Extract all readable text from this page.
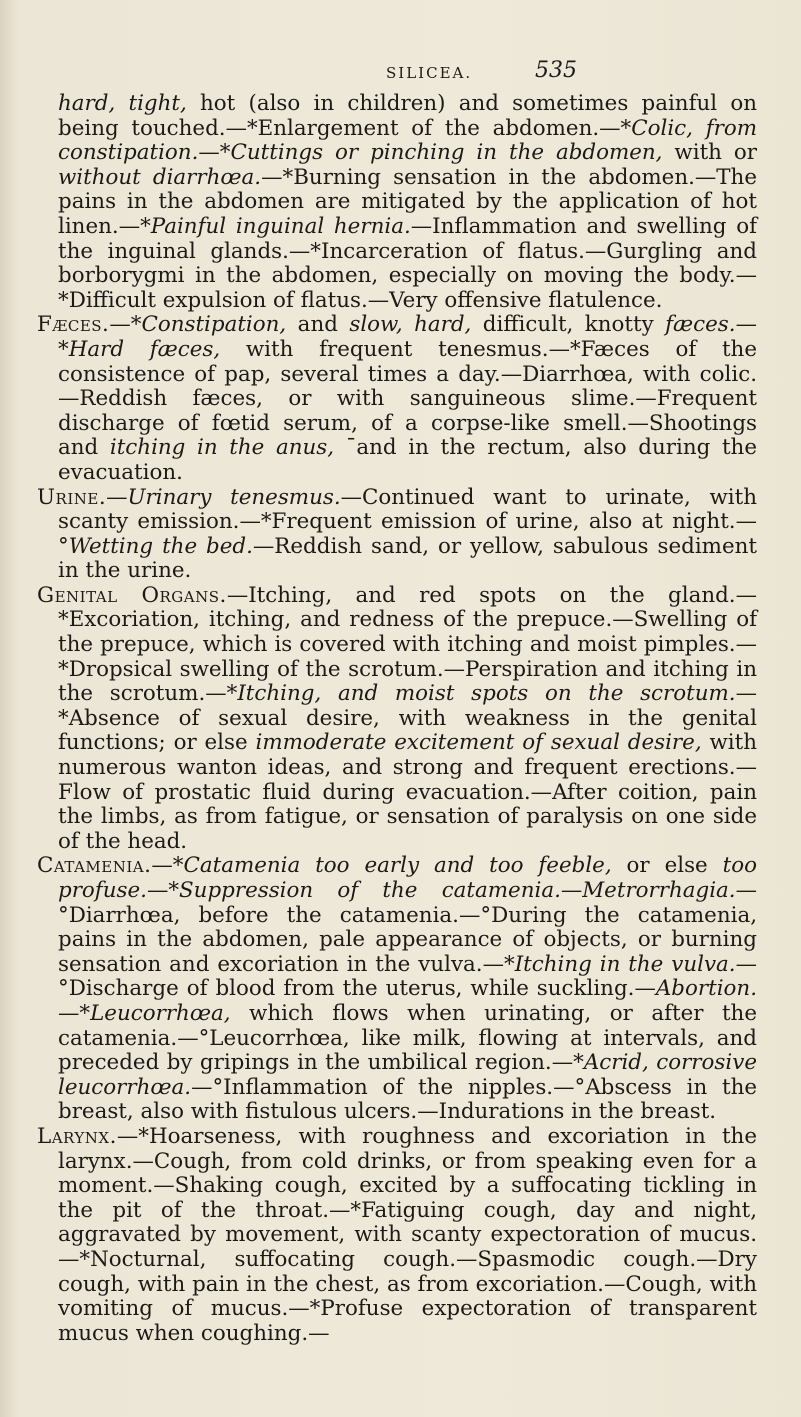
SILICEA.	535

hard, tight, hot (also in children) and sometimes painful on being touched.—*Enlargement of the abdomen.—*Colic, from constipation.—*Cuttings or pinching in the abdomen, with or without diarrhœa.—*Burning sensation in the abdomen.—The pains in the abdomen are mitigated by the application of hot linen.—*Painful inguinal hernia.—Inflammation and swelling of the inguinal glands.—*Incarceration of flatus.—Gurgling and borborygmi in the abdomen, especially on moving the body.—*Difficult expulsion of flatus.—Very offensive flatulence.

Fæces.—*Constipation, and slow, hard, difficult, knotty fæces.—*Hard fæces, with frequent tenesmus.—*Fæces of the consistence of pap, several times a day.—Diarrhœa, with colic.—Reddish fæces, or with sanguineous slime.—Frequent discharge of fœtid serum, of a corpse-like smell.—Shootings and itching in the anus, ¯and in the rectum, also during the evacuation.

Urine.—Urinary tenesmus.—Continued want to urinate, with scanty emission.—*Frequent emission of urine, also at night.—°Wetting the bed.—Reddish sand, or yellow, sabulous sediment in the urine.

Genital Organs.—Itching, and red spots on the gland.—*Excoriation, itching, and redness of the prepuce.—Swelling of the prepuce, which is covered with itching and moist pimples.—*Dropsical swelling of the scrotum.—Perspiration and itching in the scrotum.—*Itching, and moist spots on the scrotum.—*Absence of sexual desire, with weakness in the genital functions; or else immoderate excitement of sexual desire, with numerous wanton ideas, and strong and frequent erections.—Flow of prostatic fluid during evacuation.—After coition, pain the limbs, as from fatigue, or sensation of paralysis on one side of the head.

Catamenia.—*Catamenia too early and too feeble, or else too profuse.—*Suppression of the catamenia.—Metrorrhagia.—°Diarrhœa, before the catamenia.—°During the catamenia, pains in the abdomen, pale appearance of objects, or burning sensation and excoriation in the vulva.—*Itching in the vulva.—°Discharge of blood from the uterus, while suckling.—Abortion.—*Leucorrhœa, which flows when urinating, or after the catamenia.—°Leucorrhœa, like milk, flowing at intervals, and preceded by gripings in the umbilical region.—*Acrid, corrosive leucorrhœa.—°Inflammation of the nipples.—°Abscess in the breast, also with fistulous ulcers.—Indurations in the breast.

Larynx.—*Hoarseness, with roughness and excoriation in the larynx.—Cough, from cold drinks, or from speaking even for a moment.—Shaking cough, excited by a suffocating tickling in the pit of the throat.—*Fatiguing cough, day and night, aggravated by movement, with scanty expectoration of mucus.—*Nocturnal, suffocating cough.—Spasmodic cough.—Dry cough, with pain in the chest, as from excoriation.—Cough, with vomiting of mucus.—*Profuse expectoration of transparent mucus when coughing.—
